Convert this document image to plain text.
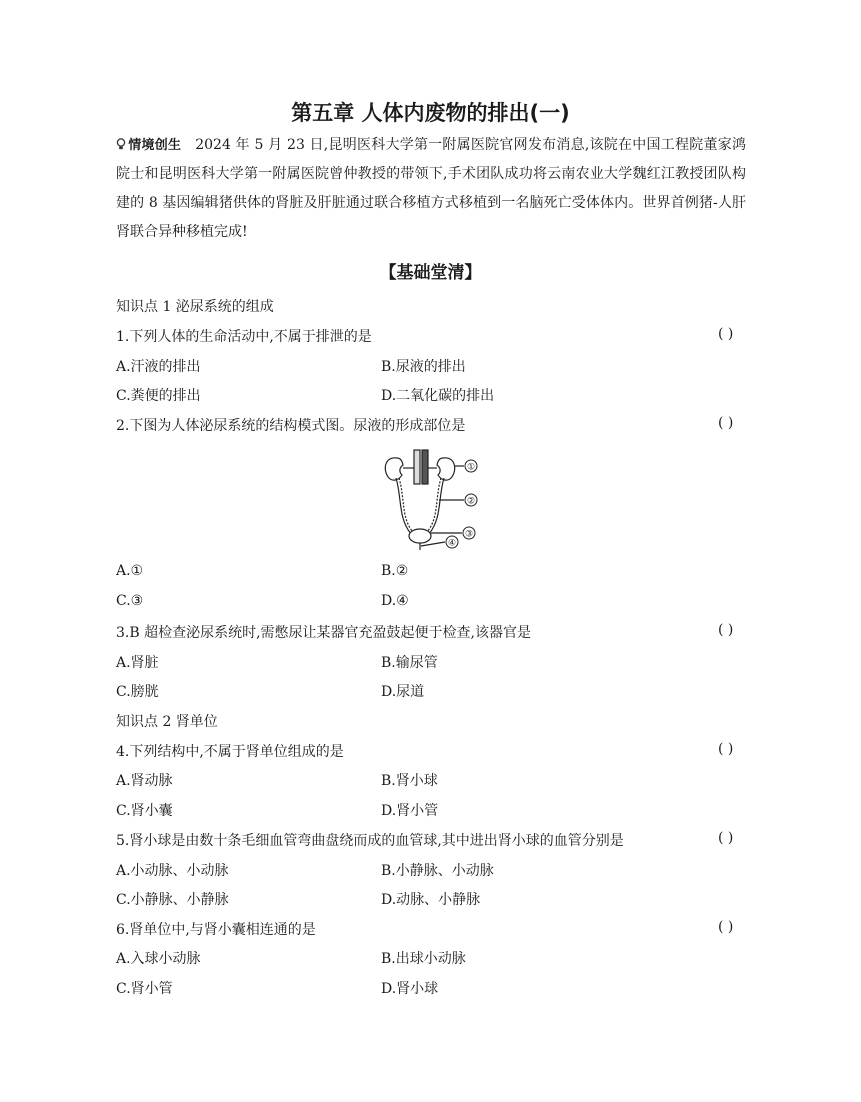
第五章 人体内废物的排出(一)
情境创生 2024 年 5 月 23 日,昆明医科大学第一附属医院官网发布消息,该院在中国工程院董家鸿院士和昆明医科大学第一附属医院曾仲教授的带领下,手术团队成功将云南农业大学魏红江教授团队构建的 8 基因编辑猪供体的肾脏及肝脏通过联合移植方式移植到一名脑死亡受体体内。世界首例猪-人肝肾联合异种移植完成!
【基础堂清】
知识点 1 泌尿系统的组成
1.下列人体的生命活动中,不属于排泄的是	( )
A.汗液的排出	B.尿液的排出
C.粪便的排出	D.二氧化碳的排出
2.下图为人体泌尿系统的结构模式图。尿液的形成部位是	( )
①
②
③
④
A.①	B.②
C.③	D.④
3.B 超检查泌尿系统时,需憋尿让某器官充盈鼓起便于检查,该器官是	( )
A.肾脏	B.输尿管
C.膀胱	D.尿道
知识点 2 肾单位
4.下列结构中,不属于肾单位组成的是	( )
A.肾动脉	B.肾小球
C.肾小囊	D.肾小管
5.肾小球是由数十条毛细血管弯曲盘绕而成的血管球,其中进出肾小球的血管分别是	( )
A.小动脉、小动脉	B.小静脉、小动脉
C.小静脉、小静脉	D.动脉、小静脉
6.肾单位中,与肾小囊相连通的是	( )
A.入球小动脉	B.出球小动脉
C.肾小管	D.肾小球
